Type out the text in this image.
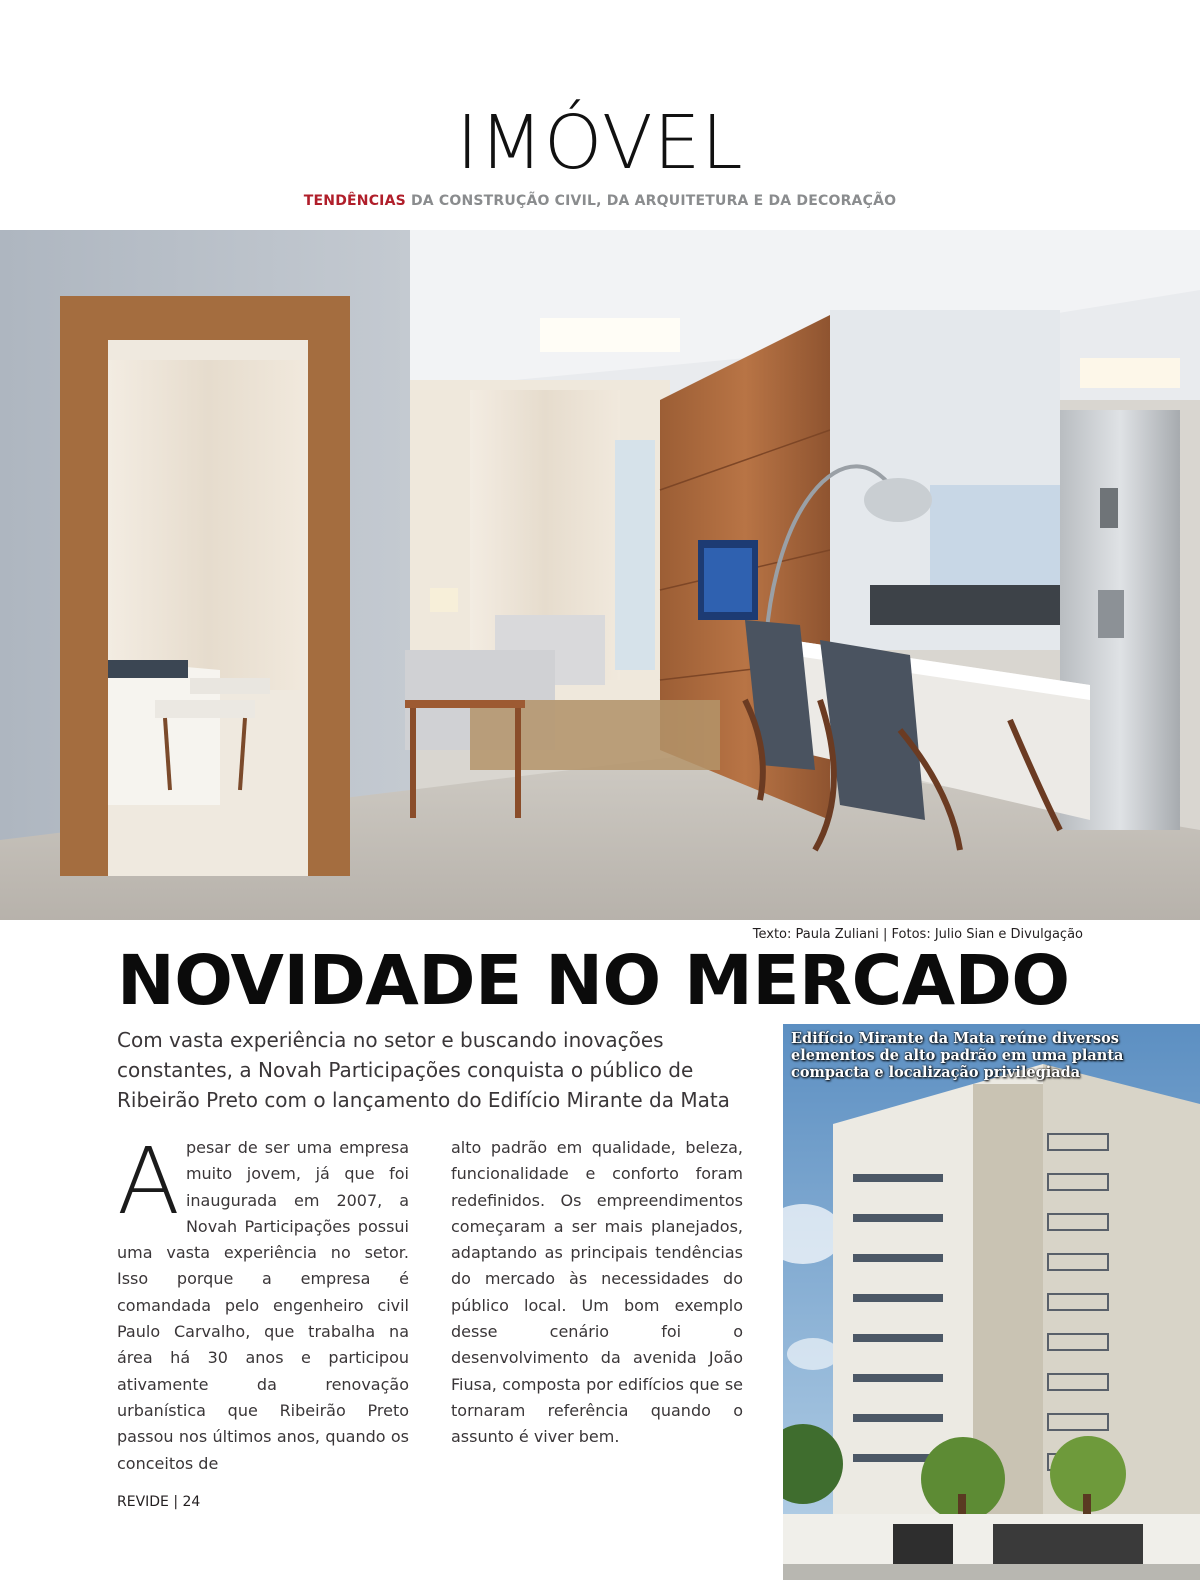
IMÓVEL
TENDÊNCIAS DA CONSTRUÇÃO CIVIL, DA ARQUITETURA E DA DECORAÇÃO
Texto: Paula Zuliani | Fotos: Julio Sian e Divulgação
NOVIDADE NO MERCADO
Com vasta experiência no setor e buscando inovações constantes, a Novah Participações conquista o público de Ribeirão Preto com o lançamento do Edifício Mirante da Mata
Apesar de ser uma empresa muito jovem, já que foi inaugurada em 2007, a Novah Participações possui uma vasta experiência no setor. Isso porque a empresa é comandada pelo engenheiro civil Paulo Carvalho, que trabalha na área há 30 anos e participou ativamente da renovação urbanística que Ribeirão Preto passou nos últimos anos, quando os conceitos de
alto padrão em qualidade, beleza, funcionalidade e conforto foram redefinidos. Os empreendimentos começaram a ser mais planejados, adaptando as principais tendências do mercado às necessidades do público local. Um bom exemplo desse cenário foi o desenvolvimento da avenida João Fiusa, composta por edifícios que se tornaram referência quando o assunto é viver bem.
Edifício Mirante da Mata reúne diversos elementos de alto padrão em uma planta compacta e localização privilegiada
REVIDE | 24
